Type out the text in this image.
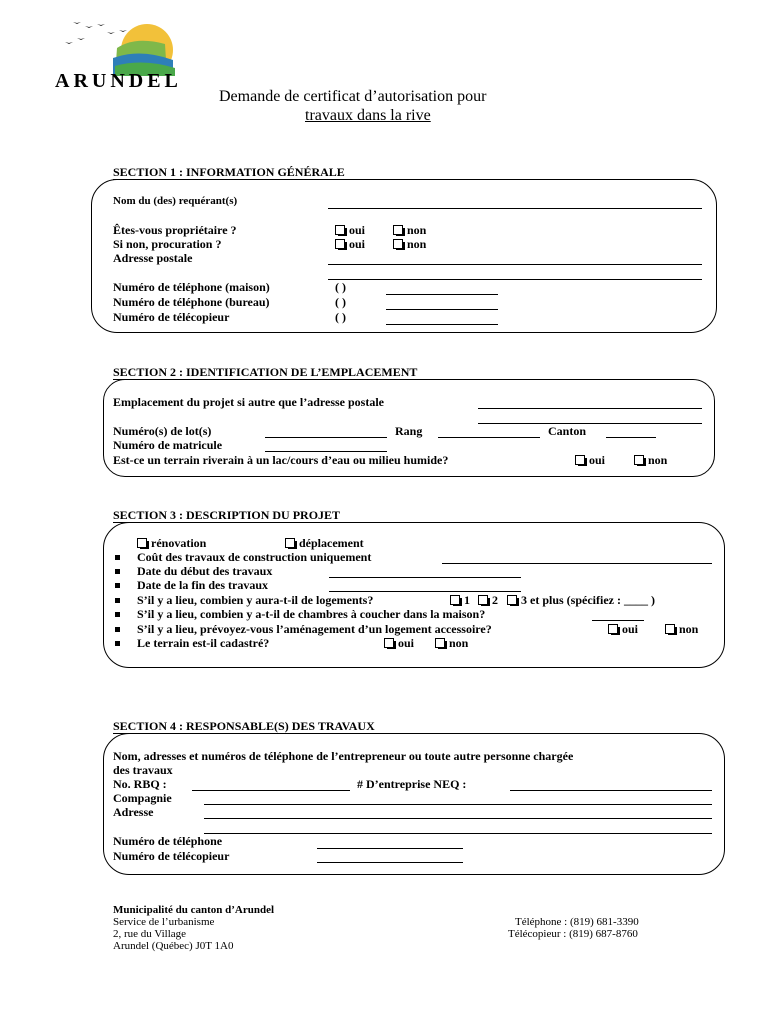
ARUNDEL
Demande de certificat d’autorisation pour
travaux dans la rive
SECTION 1 : INFORMATION GÉNÉRALE
Nom du (des) requérant(s)
Êtes-vous propriétaire ?	oui	non
Si non, procuration ?	oui	non
Adresse postale
Numéro de téléphone (maison)	( )
Numéro de téléphone (bureau)	( )
Numéro de télécopieur	( )
SECTION 2 : IDENTIFICATION DE L’EMPLACEMENT
Emplacement du projet si autre que l’adresse postale
Numéro(s) de lot(s)	Rang	Canton
Numéro de matricule
Est-ce un terrain riverain à un lac/cours d’eau ou milieu humide?	oui	non
SECTION 3 : DESCRIPTION DU PROJET
rénovation	déplacement
Coût des travaux de construction uniquement
Date du début des travaux
Date de la fin des travaux
S’il y a lieu, combien y aura-t-il de logements?	1	2	3 et plus (spécifiez : ____ )
S’il y a lieu, combien y a-t-il de chambres à coucher dans la maison?
S’il y a lieu, prévoyez-vous l’aménagement d’un logement accessoire?	oui	non
Le terrain est-il cadastré?	oui	non
SECTION 4 : RESPONSABLE(S) DES TRAVAUX
Nom, adresses et numéros de téléphone de l’entrepreneur ou toute autre personne chargée
des travaux
No. RBQ :	# D’entreprise NEQ :
Compagnie
Adresse
Numéro de téléphone
Numéro de télécopieur
Municipalité du canton d’Arundel
Service de l’urbanisme
2, rue du Village
Arundel (Québec) J0T 1A0
Téléphone : (819) 681-3390
Télécopieur : (819) 687-8760
